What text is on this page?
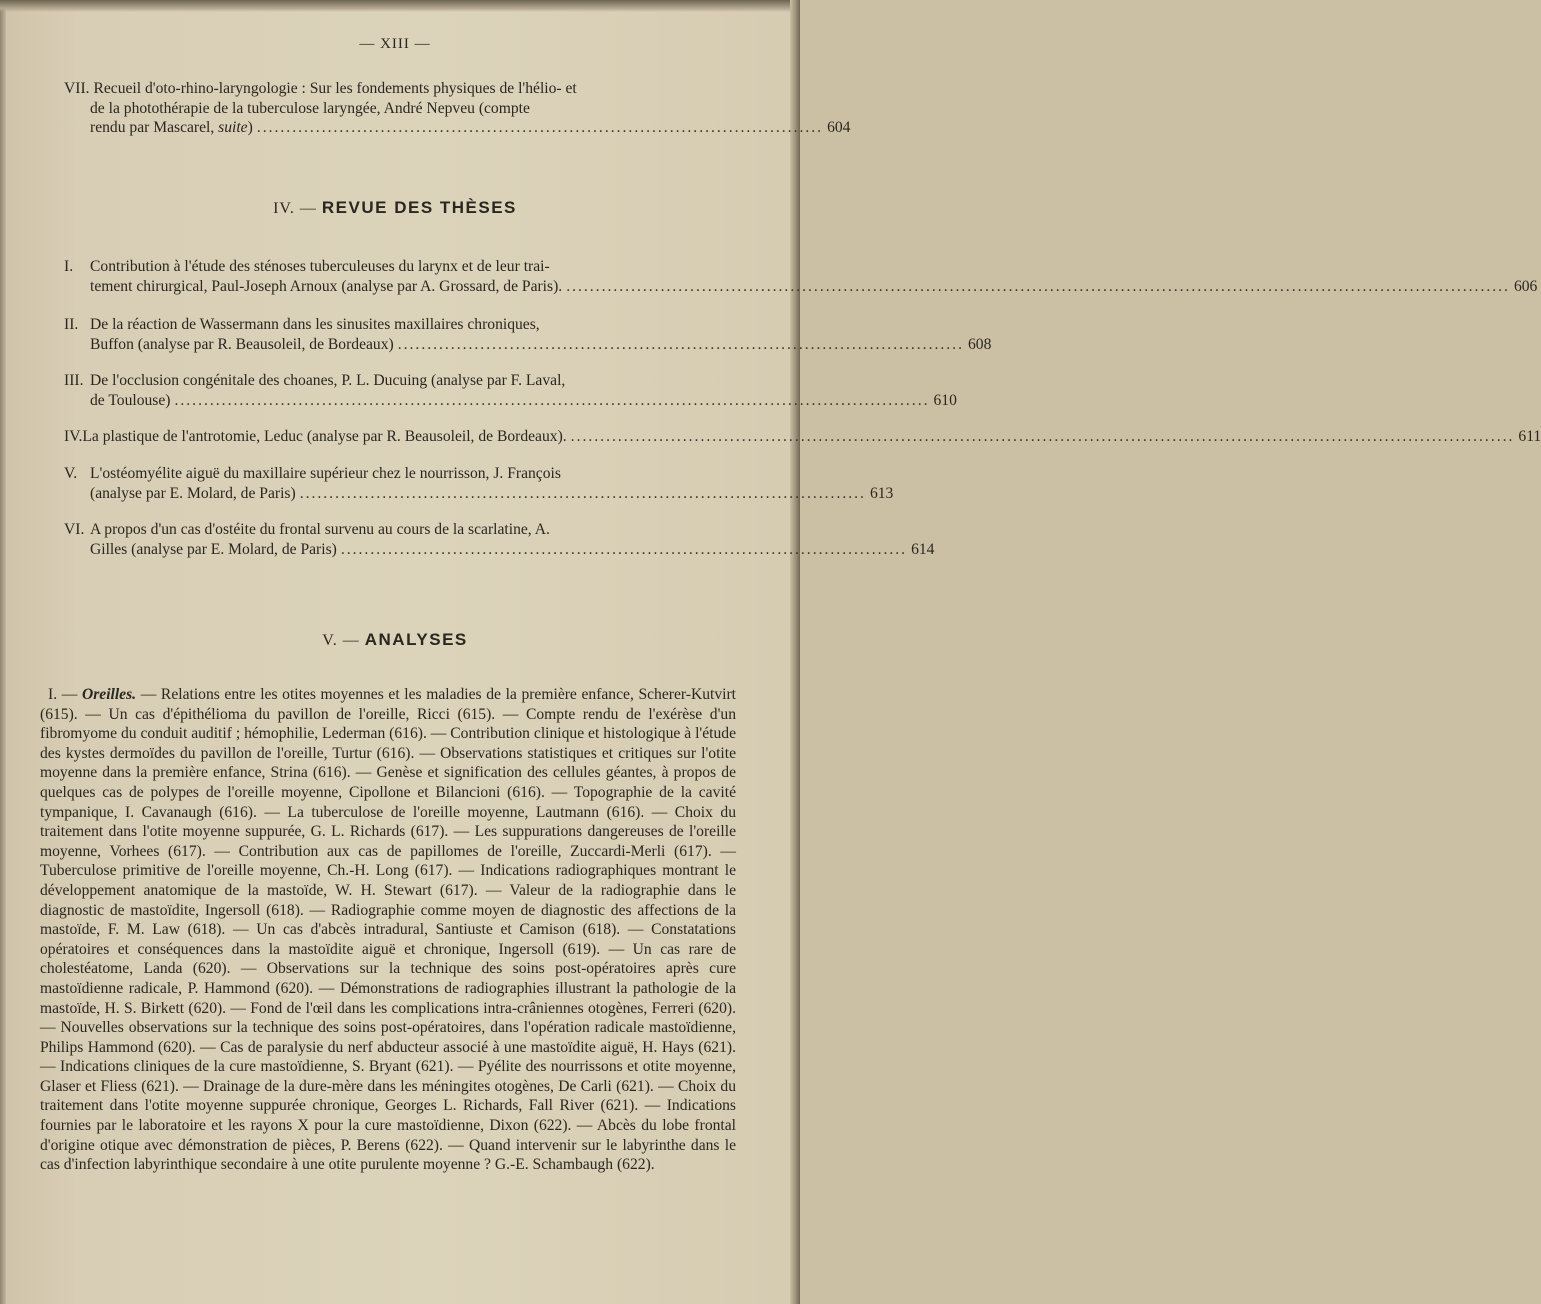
— XIII —
VII. Recueil d'oto-rhino-laryngologie : Sur les fondements physiques de l'hélio- et
de la photothérapie de la tuberculose laryngée, André Nepveu (compte
rendu par Mascarel, suite) ................................................................................................ 604
IV. — REVUE DES THÈSES
I. Contribution à l'étude des sténoses tuberculeuses du larynx et de leur trai-
tement chirurgical, Paul-Joseph Arnoux (analyse par A. Grossard, de Paris). ................................................................................................................................................................ 606
II. De la réaction de Wassermann dans les sinusites maxillaires chroniques,
Buffon (analyse par R. Beausoleil, de Bordeaux) ................................................................................................ 608
III. De l'occlusion congénitale des choanes, P. L. Ducuing (analyse par F. Laval,
de Toulouse) ................................................................................................................................ 610
IV. La plastique de l'antrotomie, Leduc (analyse par R. Beausoleil, de Bordeaux). ................................................................................................................................................................ 611
V. L'ostéomyélite aiguë du maxillaire supérieur chez le nourrisson, J. François
(analyse par E. Molard, de Paris) ................................................................................................ 613
VI. A propos d'un cas d'ostéite du frontal survenu au cours de la scarlatine, A.
Gilles (analyse par E. Molard, de Paris) ................................................................................................ 614
V. — ANALYSES
I. — Oreilles. — Relations entre les otites moyennes et les maladies de la première enfance, Scherer-Kutvirt (615). — Un cas d'épithélioma du pavillon de l'oreille, Ricci (615). — Compte rendu de l'exérèse d'un fibromyome du conduit auditif ; hémophilie, Lederman (616). — Contribution clinique et histologique à l'étude des kystes dermoïdes du pavillon de l'oreille, Turtur (616). — Observations statistiques et critiques sur l'otite moyenne dans la première enfance, Strina (616). — Genèse et signification des cellules géantes, à propos de quelques cas de polypes de l'oreille moyenne, Cipollone et Bilancioni (616). — Topographie de la cavité tympanique, I. Cavanaugh (616). — La tuberculose de l'oreille moyenne, Lautmann (616). — Choix du traitement dans l'otite moyenne suppurée, G. L. Richards (617). — Les suppurations dangereuses de l'oreille moyenne, Vorhees (617). — Contribution aux cas de papillomes de l'oreille, Zuccardi-Merli (617). — Tuberculose primitive de l'oreille moyenne, Ch.-H. Long (617). — Indications radiographiques montrant le développement anatomique de la mastoïde, W. H. Stewart (617). — Valeur de la radiographie dans le diagnostic de mastoïdite, Ingersoll (618). — Radiographie comme moyen de diagnostic des affections de la mastoïde, F. M. Law (618). — Un cas d'abcès intradural, Santiuste et Camison (618). — Constatations opératoires et conséquences dans la mastoïdite aiguë et chronique, Ingersoll (619). — Un cas rare de cholestéatome, Landa (620). — Observations sur la technique des soins post-opératoires après cure mastoïdienne radicale, P. Hammond (620). — Démonstrations de radiographies illustrant la pathologie de la mastoïde, H. S. Birkett (620). — Fond de l'œil dans les complications intra-crâniennes otogènes, Ferreri (620). — Nouvelles observations sur la technique des soins post-opératoires, dans l'opération radicale mastoïdienne, Philips Hammond (620). — Cas de paralysie du nerf abducteur associé à une mastoïdite aiguë, H. Hays (621). — Indications cliniques de la cure mastoïdienne, S. Bryant (621). — Pyélite des nourrissons et otite moyenne, Glaser et Fliess (621). — Drainage de la dure-mère dans les méningites otogènes, De Carli (621). — Choix du traitement dans l'otite moyenne suppurée chronique, Georges L. Richards, Fall River (621). — Indications fournies par le laboratoire et les rayons X pour la cure mastoïdienne, Dixon (622). — Abcès du lobe frontal d'origine otique avec démonstration de pièces, P. Berens (622). — Quand intervenir sur le labyrinthe dans le cas d'infection labyrinthique secondaire à une otite purulente moyenne ? G.-E. Schambaugh (622).
